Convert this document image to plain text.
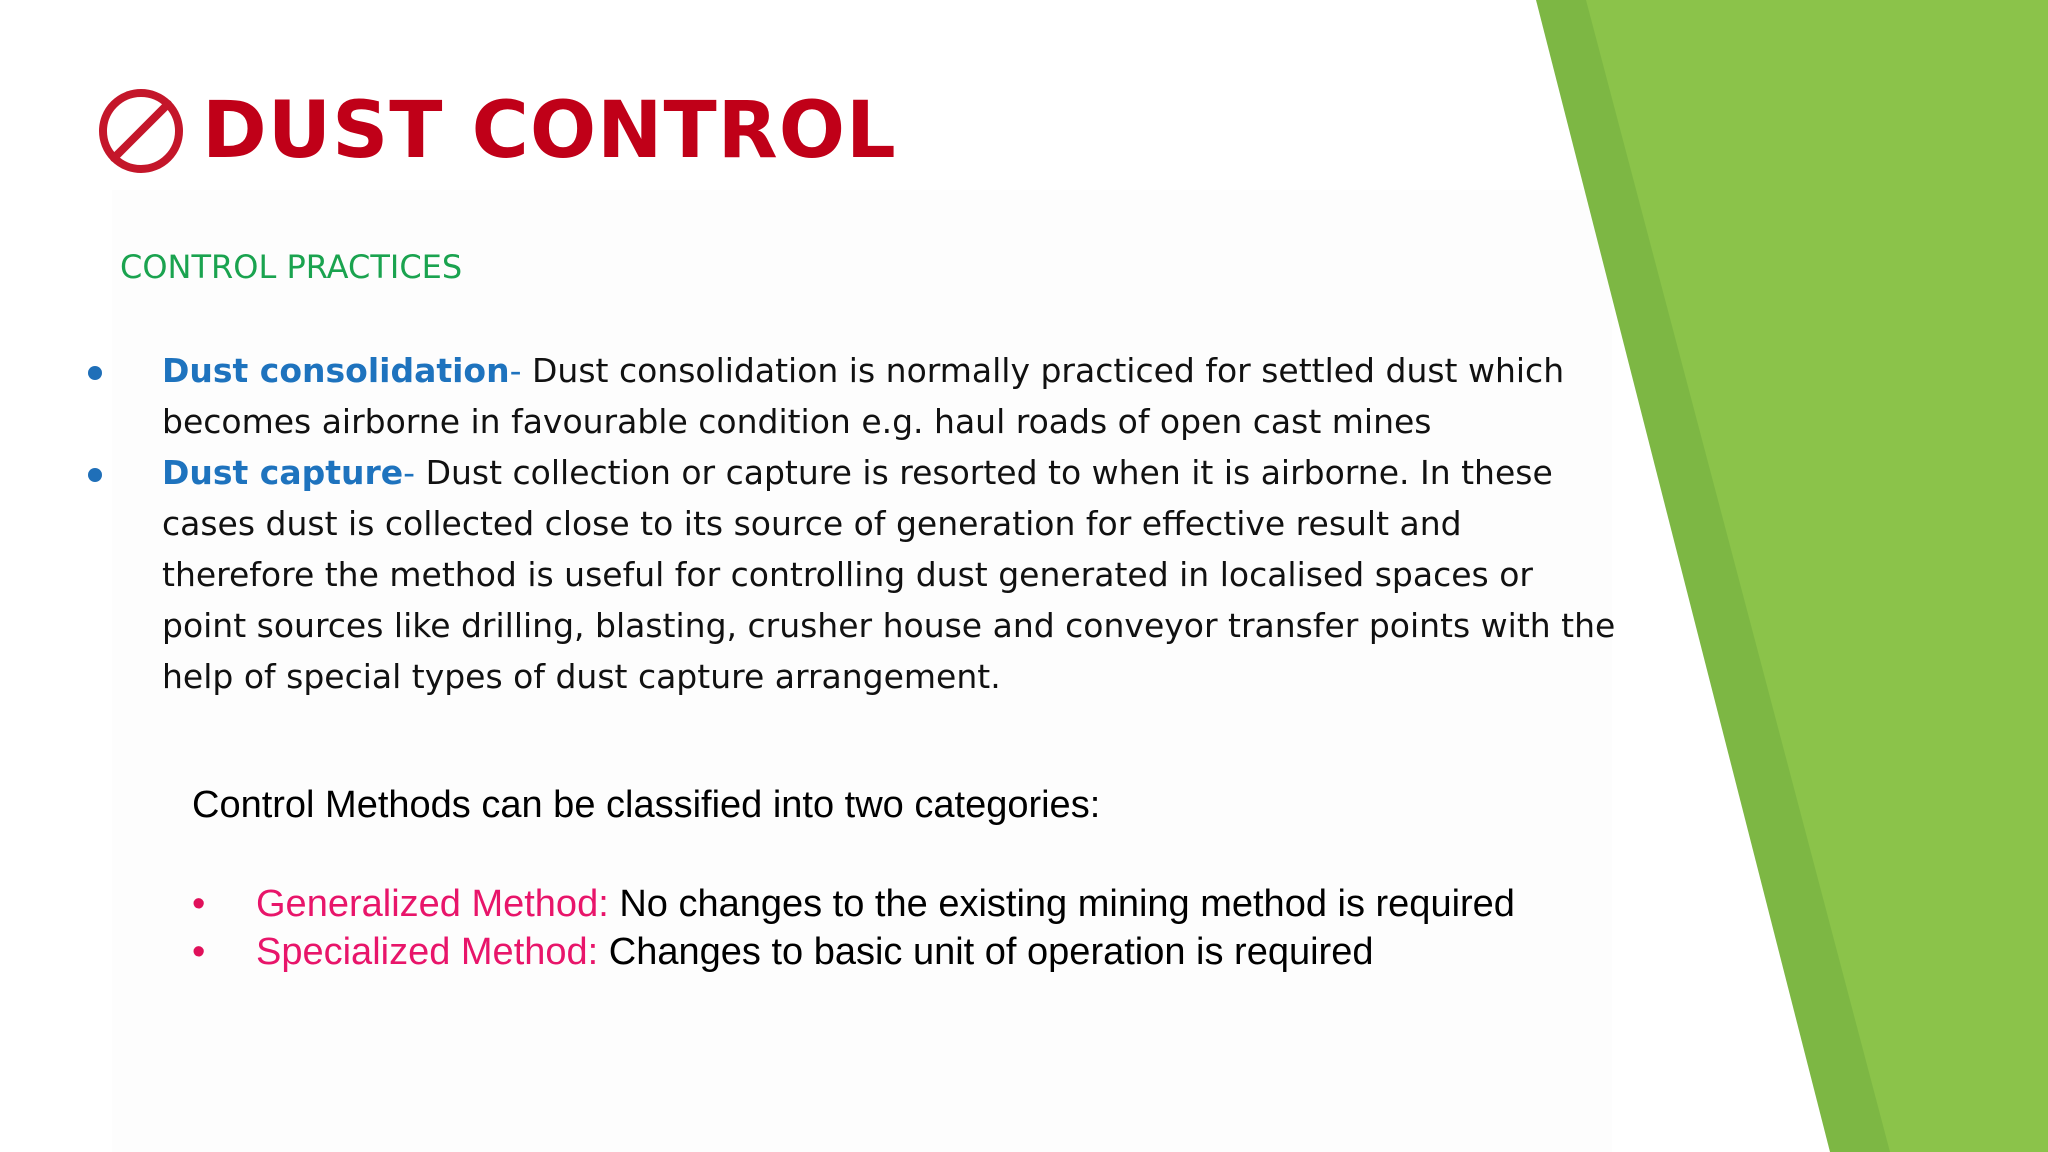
DUST CONTROL
CONTROL PRACTICES
Dust consolidation- Dust consolidation is normally practiced for settled dust which becomes airborne in favourable condition e.g. haul roads of open cast mines
Dust capture- Dust collection or capture is resorted to when it is airborne. In these cases dust is collected close to its source of generation for effective result and therefore the method is useful for controlling dust generated in localised spaces or point sources like drilling, blasting, crusher house and conveyor transfer points with the help of special types of dust capture arrangement.
Control Methods can be classified into two categories:
• Generalized Method: No changes to the existing mining method is required
• Specialized Method: Changes to basic unit of operation is required
